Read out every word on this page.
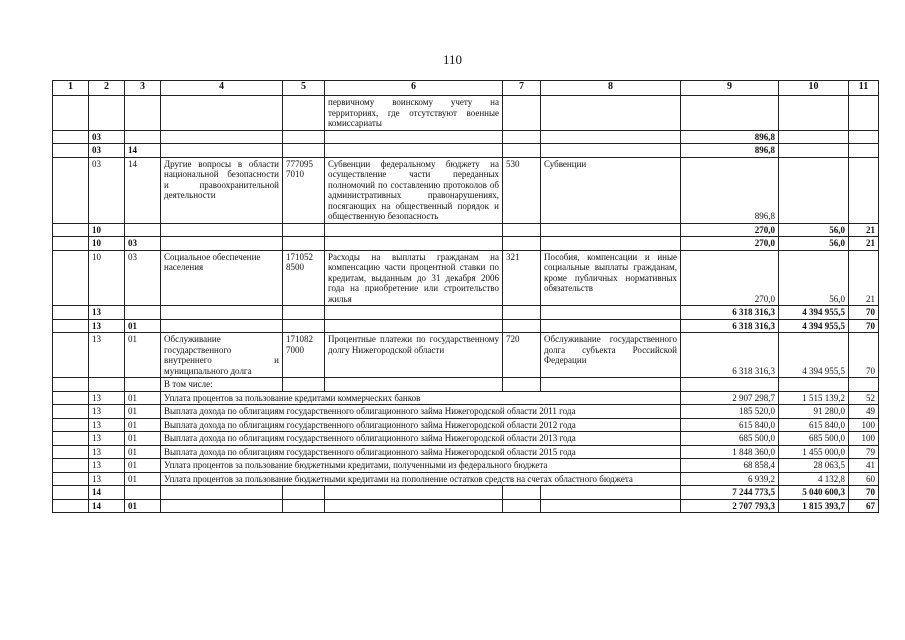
110
1	2	3	4	5	6	7	8	9	10	11
					первичному воинскому учету на территориях, где отсутствуют военные комиссариаты					
	03							896,8		
	03	14						896,8		
	03	14	Другие вопросы в области национальной безопасности и правоохранительной деятельности	777095 7010	Субвенции федеральному бюджету на осуществление части переданных полномочий по составлению протоколов об административных правонарушениях, посягающих на общественный порядок и общественную безопасность	530	Субвенции	896,8		
	10							270,0	56,0	21
	10	03						270,0	56,0	21
	10	03	Социальное обеспечение населения	171052 8500	Расходы на выплаты гражданам на компенсацию части процентной ставки по кредитам, выданным до 31 декабря 2006 года на приобретение или строительство жилья	321	Пособия, компенсации и иные социальные выплаты гражданам, кроме публичных нормативных обязательств	270,0	56,0	21
	13							6 318 316,3	4 394 955,5	70
	13	01						6 318 316,3	4 394 955,5	70
	13	01	Обслуживание государственного внутреннего и муниципального долга	171082 7000	Процентные платежи по государственному долгу Нижегородской области	720	Обслуживание государственного долга субъекта Российской Федерации	6 318 316,3	4 394 955,5	70
			В том числе:							
	13	01	Уплата процентов за пользование кредитами коммерческих банков					2 907 298,7	1 515 139,2	52
	13	01	Выплата дохода по облигациям государственного облигационного займа Нижегородской области 2011 года					185 520,0	91 280,0	49
	13	01	Выплата дохода по облигациям государственного облигационного займа Нижегородской области 2012 года					615 840,0	615 840,0	100
	13	01	Выплата дохода по облигациям государственного облигационного займа Нижегородской области 2013 года					685 500,0	685 500,0	100
	13	01	Выплата дохода по облигациям государственного облигационного займа Нижегородской области 2015 года					1 848 360,0	1 455 000,0	79
	13	01	Уплата процентов за пользование бюджетными кредитами, полученными из федерального бюджета					68 858,4	28 063,5	41
	13	01	Уплата процентов за пользование бюджетными кредитами на пополнение остатков средств на счетах областного бюджета					6 939,2	4 132,8	60
	14							7 244 773,5	5 040 600,3	70
	14	01						2 707 793,3	1 815 393,7	67
